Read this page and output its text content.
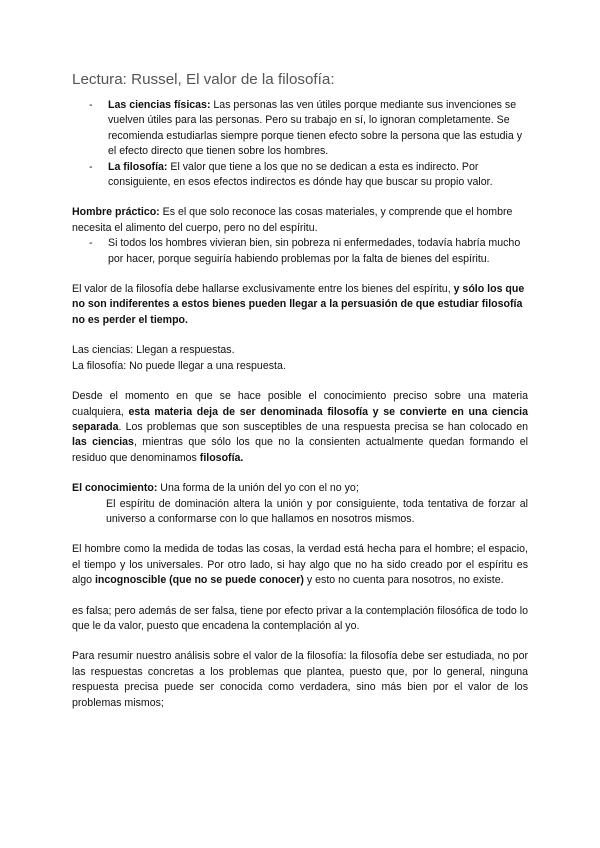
Lectura: Russel, El valor de la filosofía:
- Las ciencias físicas: Las personas las ven útiles porque mediante sus invenciones se vuelven útiles para las personas. Pero su trabajo en sí, lo ignoran completamente. Se recomienda estudiarlas siempre porque tienen efecto sobre la persona que las estudia y el efecto directo que tienen sobre los hombres.
- La filosofía: El valor que tiene a los que no se dedican a esta es indirecto. Por consiguiente, en esos efectos indirectos es dónde hay que buscar su propio valor.

Hombre práctico: Es el que solo reconoce las cosas materiales, y comprende que el hombre necesita el alimento del cuerpo, pero no del espíritu.

- Si todos los hombres vivieran bien, sin pobreza ni enfermedades, todavía habría mucho por hacer, porque seguiría habiendo problemas por la falta de bienes del espíritu.

El valor de la filosofía debe hallarse exclusivamente entre los bienes del espíritu, y sólo los que no son indiferentes a estos bienes pueden llegar a la persuasión de que estudiar filosofía no es perder el tiempo.

Las ciencias: Llegan a respuestas.

La filosofía: No puede llegar a una respuesta.

Desde el momento en que se hace posible el conocimiento preciso sobre una materia cualquiera, esta materia deja de ser denominada filosofía y se convierte en una ciencia separada. Los problemas que son susceptibles de una respuesta precisa se han colocado en las ciencias, mientras que sólo los que no la consienten actualmente quedan formando el residuo que denominamos filosofía.

El conocimiento: Una forma de la unión del yo con el no yo;

El espíritu de dominación altera la unión y por consiguiente, toda tentativa de forzar al universo a conformarse con lo que hallamos en nosotros mismos.

El hombre como la medida de todas las cosas, la verdad está hecha para el hombre; el espacio, el tiempo y los universales. Por otro lado, si hay algo que no ha sido creado por el espíritu es algo incognoscible (que no se puede conocer) y esto no cuenta para nosotros, no existe.

es falsa; pero además de ser falsa, tiene por efecto privar a la contemplación filosófica de todo lo que le da valor, puesto que encadena la contemplación al yo.

Para resumir nuestro análisis sobre el valor de la filosofía: la filosofía debe ser estudiada, no por las respuestas concretas a los problemas que plantea, puesto que, por lo general, ninguna respuesta precisa puede ser conocida como verdadera, sino más bien por el valor de los problemas mismos;
